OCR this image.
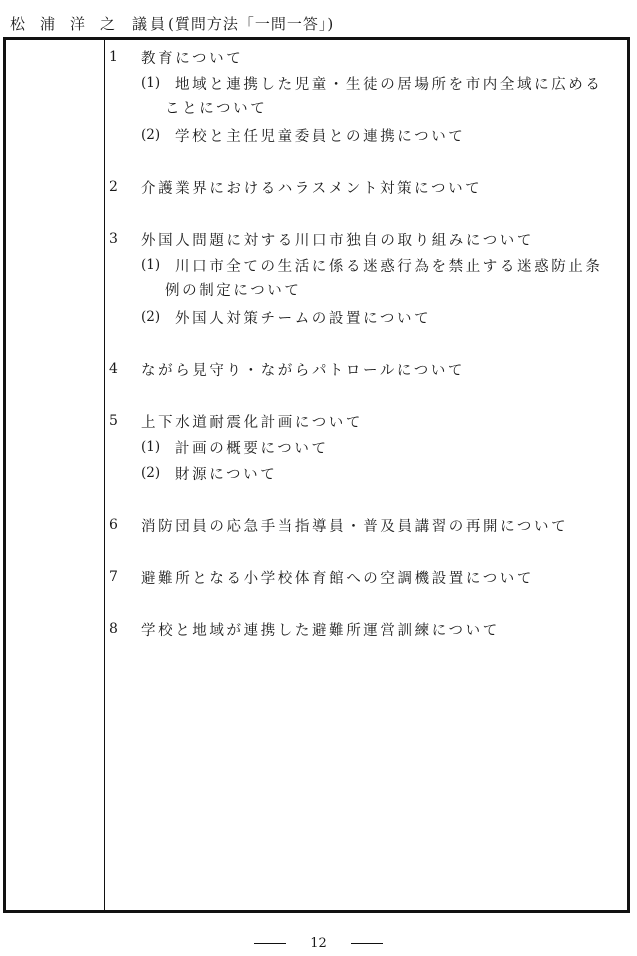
松浦洋之 議員 (質問方法「一問一答」)
1	教育について
(1)	地域と連携した児童・生徒の居場所を市内全域に広める
ことについて
(2)	学校と主任児童委員との連携について
2	介護業界におけるハラスメント対策について
3	外国人問題に対する川口市独自の取り組みについて
(1)	川口市全ての生活に係る迷惑行為を禁止する迷惑防止条
例の制定について
(2)	外国人対策チームの設置について
4	ながら見守り・ながらパトロールについて
5	上下水道耐震化計画について
(1)	計画の概要について
(2)	財源について
6	消防団員の応急手当指導員・普及員講習の再開について
7	避難所となる小学校体育館への空調機設置について
8	学校と地域が連携した避難所運営訓練について
12
